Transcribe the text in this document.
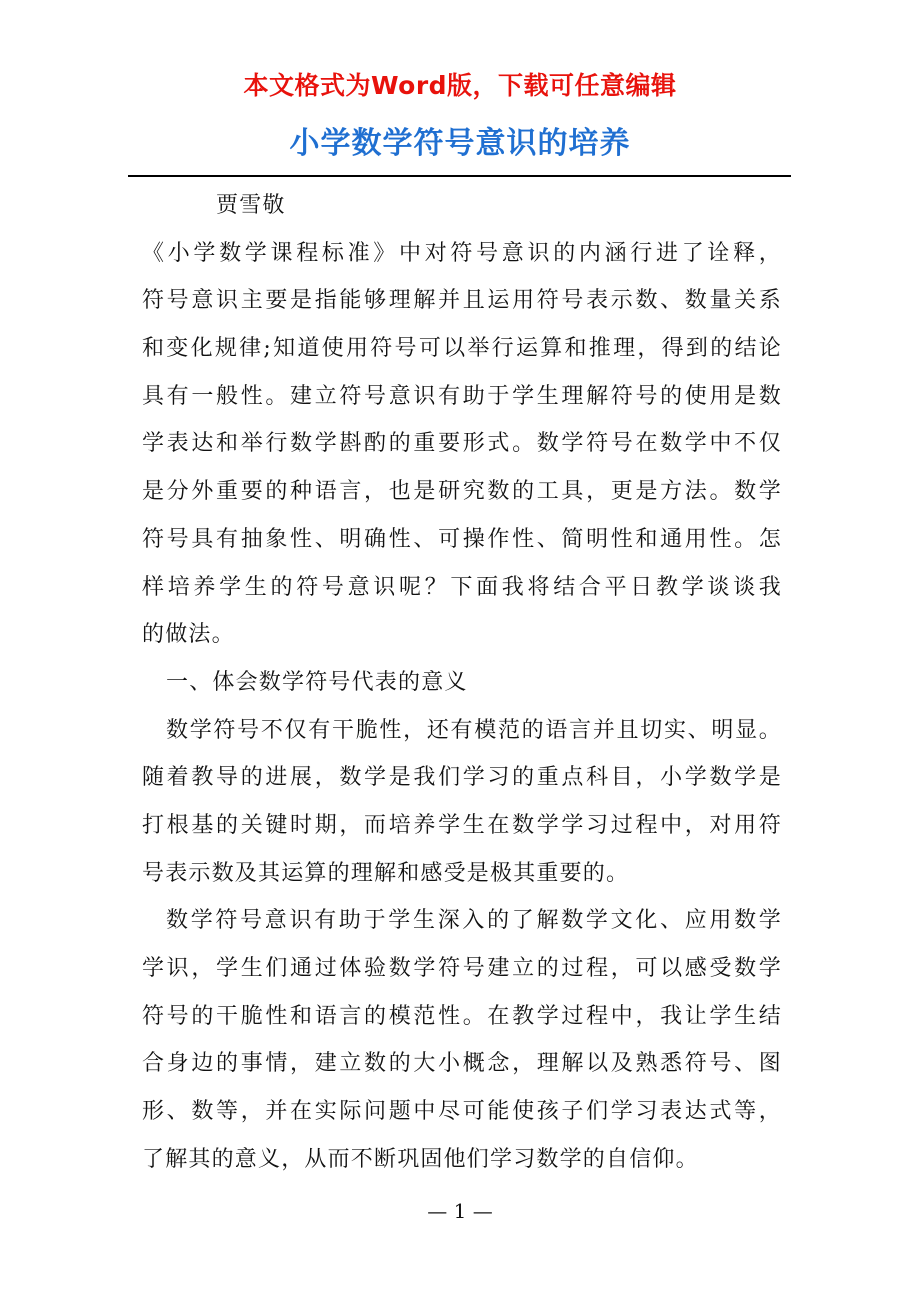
本文格式为Word版，下载可任意编辑
小学数学符号意识的培养
贾雪敬
《小学数学课程标准》中对符号意识的内涵行进了诠释，
符号意识主要是指能够理解并且运用符号表示数、数量关系
和变化规律;知道使用符号可以举行运算和推理，得到的结论
具有一般性。建立符号意识有助于学生理解符号的使用是数
学表达和举行数学斟酌的重要形式。数学符号在数学中不仅
是分外重要的种语言，也是研究数的工具，更是方法。数学
符号具有抽象性、明确性、可操作性、简明性和通用性。怎
样培养学生的符号意识呢？下面我将结合平日教学谈谈我
的做法。
一、体会数学符号代表的意义
数学符号不仅有干脆性，还有模范的语言并且切实、明显。
随着教导的进展，数学是我们学习的重点科目，小学数学是
打根基的关键时期，而培养学生在数学学习过程中，对用符
号表示数及其运算的理解和感受是极其重要的。
数学符号意识有助于学生深入的了解数学文化、应用数学
学识，学生们通过体验数学符号建立的过程，可以感受数学
符号的干脆性和语言的模范性。在教学过程中，我让学生结
合身边的事情，建立数的大小概念，理解以及熟悉符号、图
形、数等，并在实际问题中尽可能使孩子们学习表达式等，
了解其的意义，从而不断巩固他们学习数学的自信仰。
— 1 —
